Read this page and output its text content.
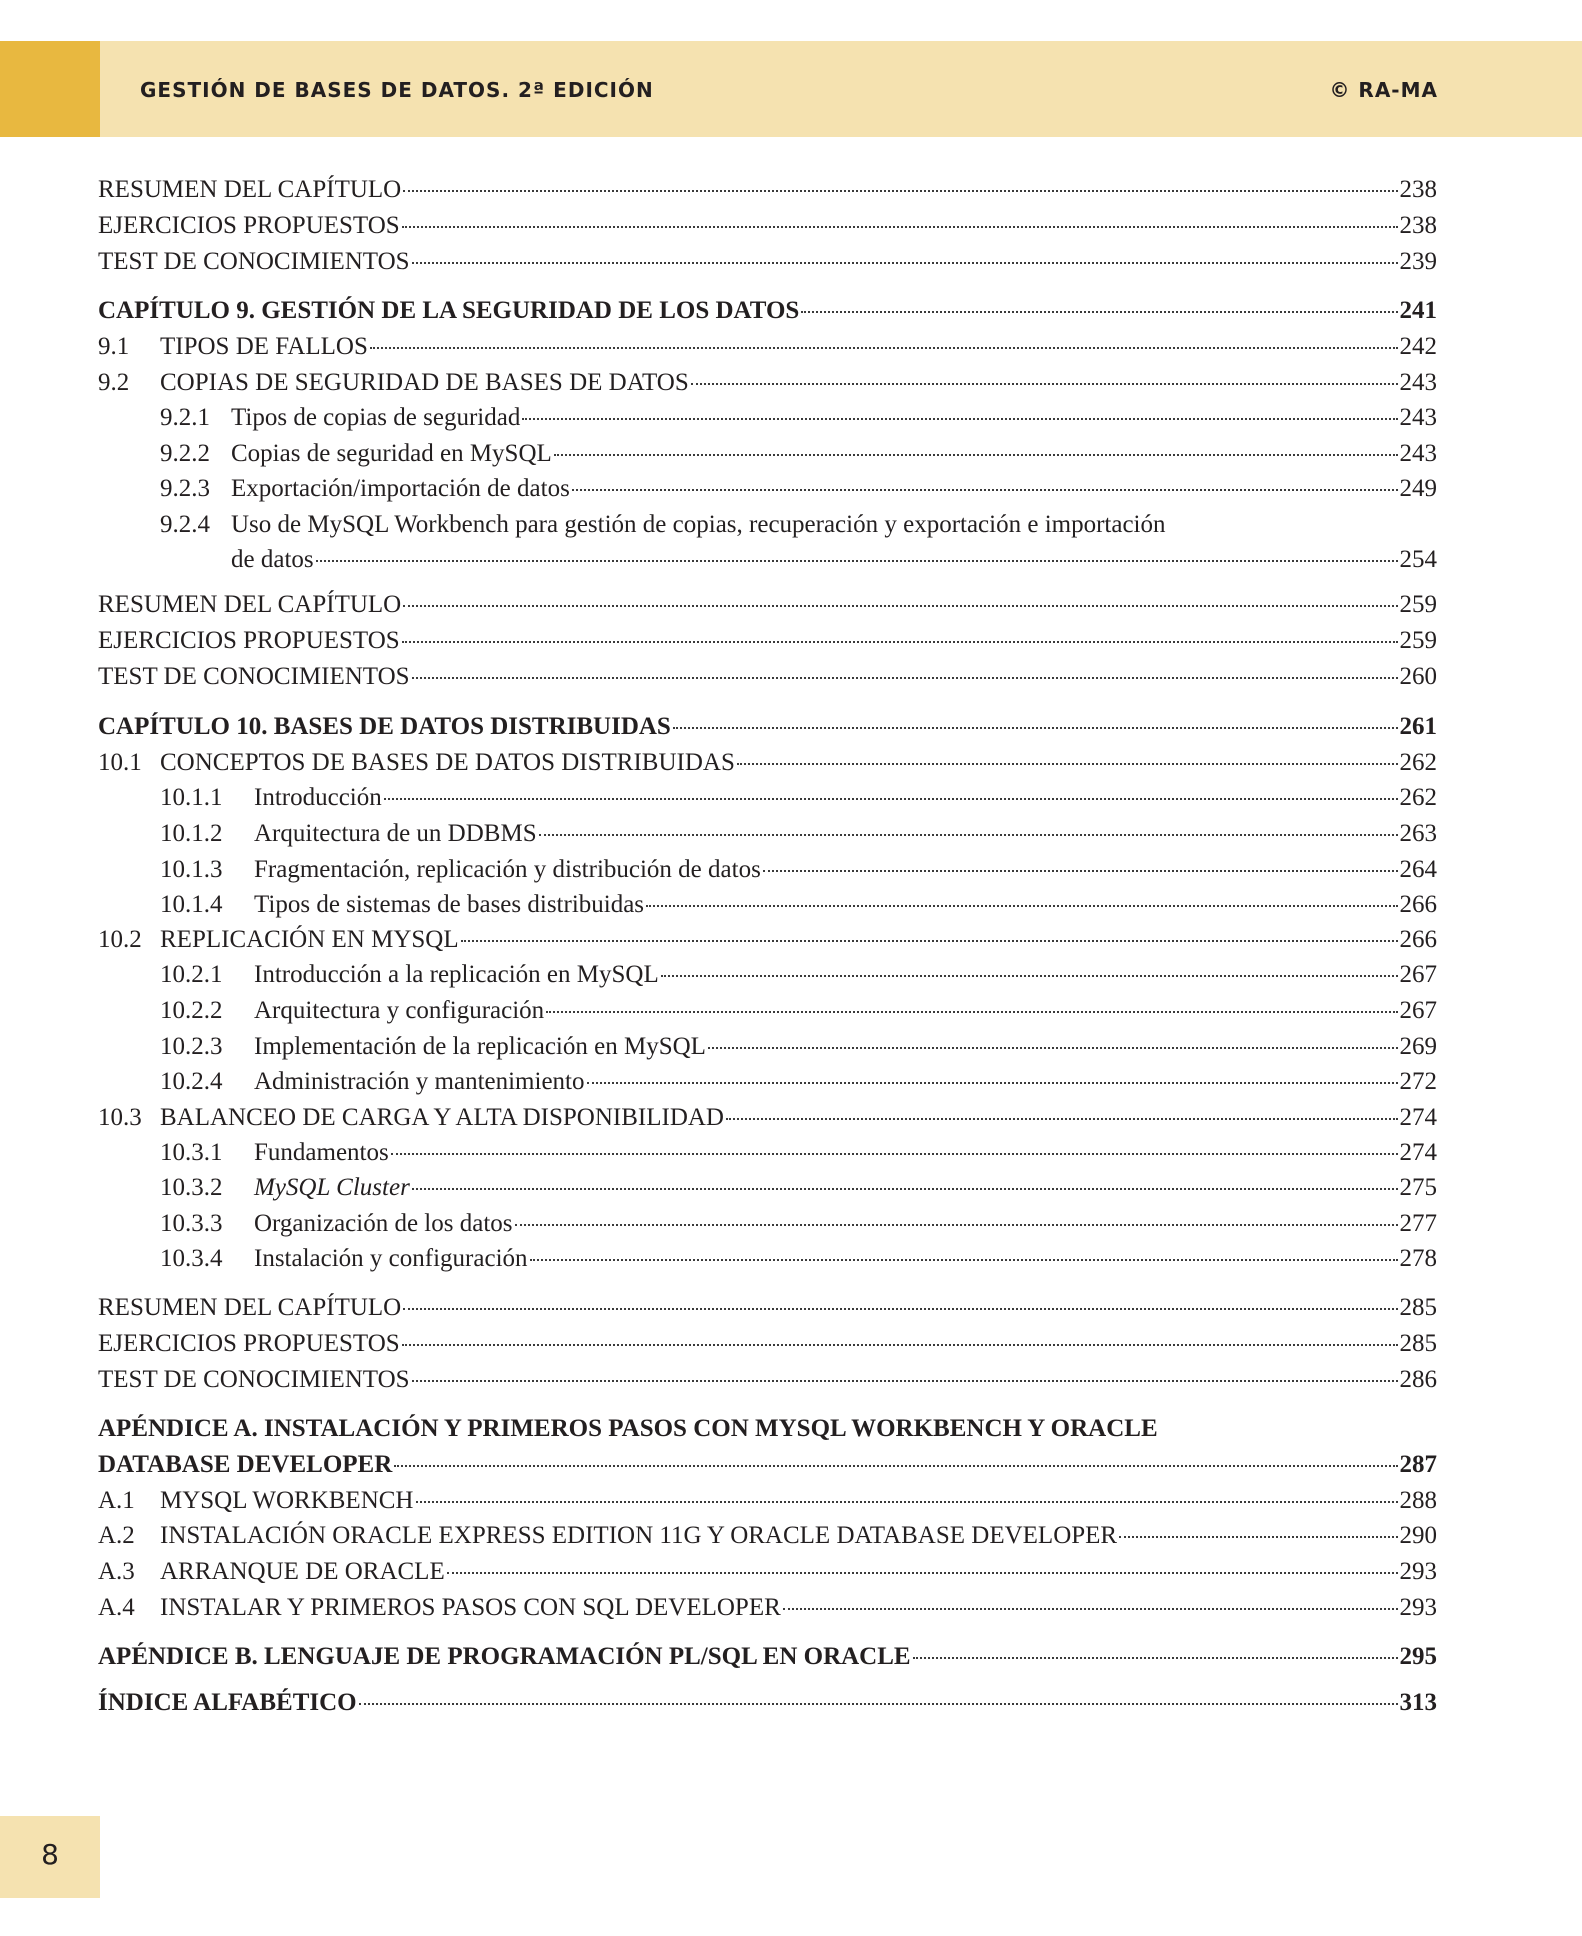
GESTIÓN DE BASES DE DATOS. 2ª EDICIÓN	© RA-MA
RESUMEN DEL CAPÍTULO	238
EJERCICIOS PROPUESTOS	238
TEST DE CONOCIMIENTOS	239
CAPÍTULO 9. GESTIÓN DE LA SEGURIDAD DE LOS DATOS	241
9.1	TIPOS DE FALLOS	242
9.2	COPIAS DE SEGURIDAD DE BASES DE DATOS	243
9.2.1 Tipos de copias de seguridad	243
9.2.2 Copias de seguridad en MySQL	243
9.2.3 Exportación/importación de datos	249
9.2.4 Uso de MySQL Workbench para gestión de copias, recuperación y exportación e importación
de datos	254
RESUMEN DEL CAPÍTULO	259
EJERCICIOS PROPUESTOS	259
TEST DE CONOCIMIENTOS	260
CAPÍTULO 10. BASES DE DATOS DISTRIBUIDAS	261
10.1 CONCEPTOS DE BASES DE DATOS DISTRIBUIDAS	262
10.1.1	Introducción	262
10.1.2	Arquitectura de un DDBMS	263
10.1.3	Fragmentación, replicación y distribución de datos	264
10.1.4	Tipos de sistemas de bases distribuidas	266
10.2 REPLICACIÓN EN MYSQL	266
10.2.1	Introducción a la replicación en MySQL	267
10.2.2	Arquitectura y configuración	267
10.2.3	Implementación de la replicación en MySQL	269
10.2.4	Administración y mantenimiento	272
10.3 BALANCEO DE CARGA Y ALTA DISPONIBILIDAD	274
10.3.1	Fundamentos	274
10.3.2	MySQL Cluster	275
10.3.3	Organización de los datos	277
10.3.4	Instalación y configuración	278
RESUMEN DEL CAPÍTULO	285
EJERCICIOS PROPUESTOS	285
TEST DE CONOCIMIENTOS	286
APÉNDICE A. INSTALACIÓN Y PRIMEROS PASOS CON MYSQL WORKBENCH Y ORACLE
DATABASE DEVELOPER	287
A.1	MYSQL WORKBENCH	288
A.2	INSTALACIÓN ORACLE EXPRESS EDITION 11G Y ORACLE DATABASE DEVELOPER	290
A.3	ARRANQUE DE ORACLE	293
A.4	INSTALAR Y PRIMEROS PASOS CON SQL DEVELOPER	293
APÉNDICE B. LENGUAJE DE PROGRAMACIÓN PL/SQL EN ORACLE	295
ÍNDICE ALFABÉTICO	313
8
